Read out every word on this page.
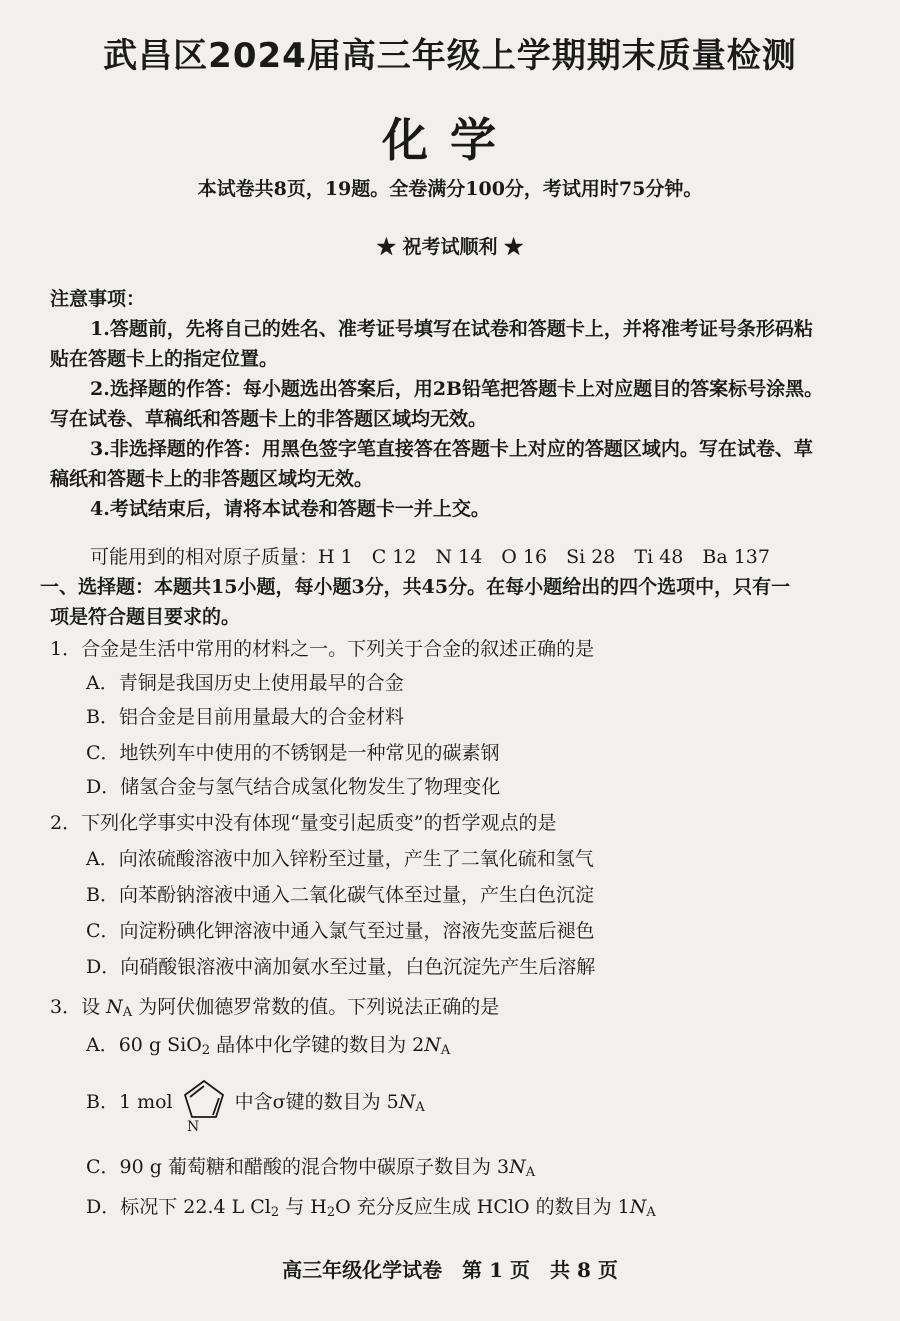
武昌区2024届高三年级上学期期末质量检测
化学
本试卷共8页，19题。全卷满分100分，考试用时75分钟。
★ 祝考试顺利 ★
注意事项：
1.答题前，先将自己的姓名、准考证号填写在试卷和答题卡上，并将准考证号条形码粘
贴在答题卡上的指定位置。
2.选择题的作答：每小题选出答案后，用2B铅笔把答题卡上对应题目的答案标号涂黑。
写在试卷、草稿纸和答题卡上的非答题区域均无效。
3.非选择题的作答：用黑色签字笔直接答在答题卡上对应的答题区域内。写在试卷、草
稿纸和答题卡上的非答题区域均无效。
4.考试结束后，请将本试卷和答题卡一并上交。
可能用到的相对原子质量：H 1　C 12　N 14　O 16　Si 28　Ti 48　Ba 137
一、选择题：本题共15小题，每小题3分，共45分。在每小题给出的四个选项中，只有一
项是符合题目要求的。
1．合金是生活中常用的材料之一。下列关于合金的叙述正确的是
A．青铜是我国历史上使用最早的合金
B．铝合金是目前用量最大的合金材料
C．地铁列车中使用的不锈钢是一种常见的碳素钢
D．储氢合金与氢气结合成氢化物发生了物理变化
2．下列化学事实中没有体现“量变引起质变”的哲学观点的是
A．向浓硫酸溶液中加入锌粉至过量，产生了二氧化硫和氢气
B．向苯酚钠溶液中通入二氧化碳气体至过量，产生白色沉淀
C．向淀粉碘化钾溶液中通入氯气至过量，溶液先变蓝后褪色
D．向硝酸银溶液中滴加氨水至过量，白色沉淀先产生后溶解
3．设 $N_A$ 为阿伏伽德罗常数的值。下列说法正确的是
A．60 g SiO$_2$ 晶体中化学键的数目为 $2N_A$
B．1 mol
N
中含σ键的数目为 $5N_A$
C．90 g 葡萄糖和醋酸的混合物中碳原子数目为 $3N_A$
D．标况下 22.4 L $Cl_2$ 与 $H_2O$ 充分反应生成 HClO 的数目为 $1N_A$
高三年级化学试卷　第 1 页　共 8 页
